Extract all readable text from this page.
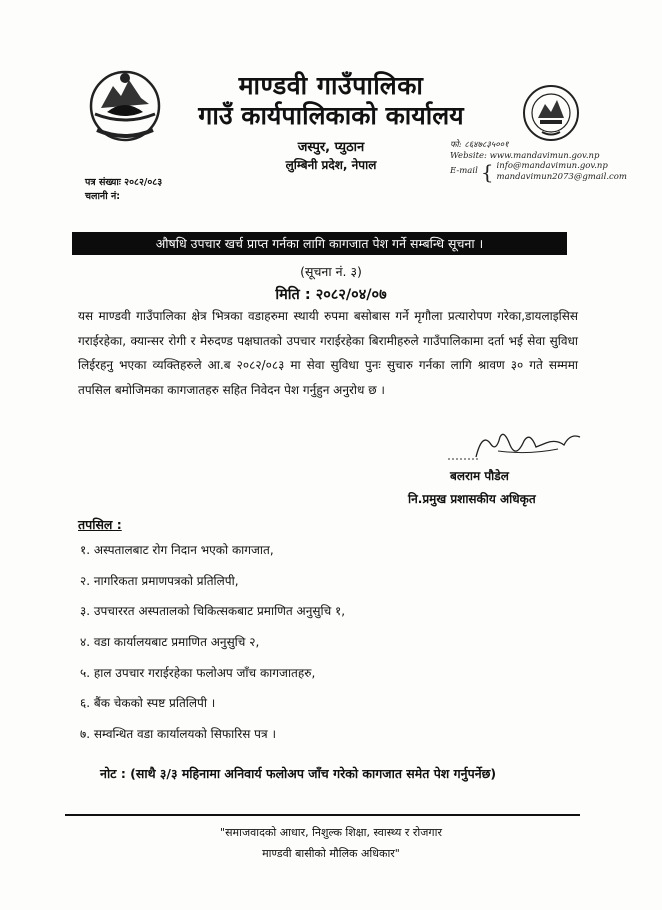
माण्डवी गाउँपालिका
गाउँ कार्यपालिकाको कार्यालय
जस्पुर, प्युठान
लुम्बिनी प्रदेश, नेपाल
फो: ८६४७८३५००१
Website: www.mandavimun.gov.np
E-mail { info@mandavimun.gov.np
mandavimun2073@gmail.com
पत्र संख्याः २०८२/०८३
चलानी नं:
औषधि उपचार खर्च प्राप्त गर्नका लागि कागजात पेश गर्ने सम्बन्धि सूचना ।
(सूचना नं. ३)
मिति : २०८२/०४/०७
यस माण्डवी गाउँपालिका क्षेत्र भित्रका वडाहरुमा स्थायी रुपमा बसोबास गर्ने मृगौला प्रत्यारोपण गरेका,डायलाइसिस गराईरहेका, क्यान्सर रोगी र मेरुदण्ड पक्षघातको उपचार गराईरहेका बिरामीहरुले गाउँपालिकामा दर्ता भई सेवा सुविधा लिईरहनु भएका व्यक्तिहरुले आ.ब २०८२/०८३ मा सेवा सुविधा पुनः सुचारु गर्नका लागि श्रावण ३० गते सम्ममा तपसिल बमोजिमका कागजातहरु सहित निवेदन पेश गर्नुहुन अनुरोध छ ।
बलराम पौडेल
नि.प्रमुख प्रशासकीय अधिकृत
तपसिल :
१. अस्पतालबाट रोग निदान भएको कागजात,
२. नागरिकता प्रमाणपत्रको प्रतिलिपी,
३. उपचाररत अस्पतालको चिकित्सकबाट प्रमाणित अनुसुचि १,
४. वडा कार्यालयबाट प्रमाणित अनुसुचि २,
५. हाल उपचार गराईरहेका फलोअप जाँच कागजातहरु,
६. बैंक चेकको स्पष्ट प्रतिलिपी ।
७. सम्वन्धित वडा कार्यालयको सिफारिस पत्र ।
नोट : (साथै ३/३ महिनामा अनिवार्य फलोअप जाँच गरेको कागजात समेत पेश गर्नुपर्नेछ)
"समाजवादको आधार, निशुल्क शिक्षा, स्वास्थ्य र रोजगार
माण्डवी बासीको मौलिक अधिकार"
